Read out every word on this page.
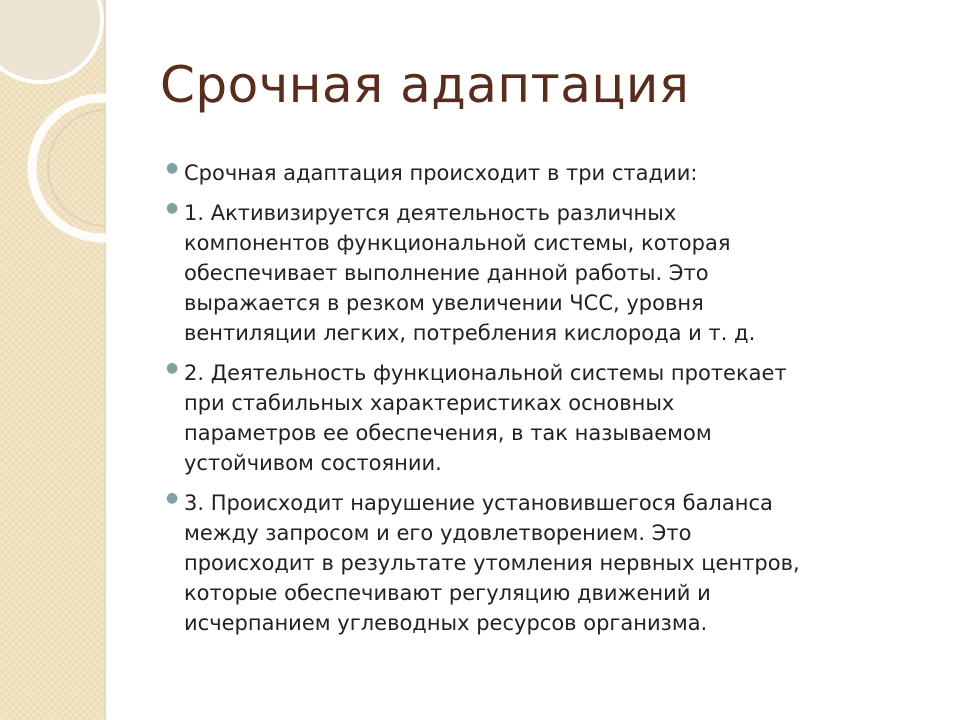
Срочная адаптация
● Срочная адаптация происходит в три стадии:
● 1. Активизируется деятельность различных
компонентов функциональной системы, которая
обеспечивает выполнение данной работы. Это
выражается в резком увеличении ЧСС, уровня
вентиляции легких, потребления кислорода и т. д.
● 2. Деятельность функциональной системы протекает
при стабильных характеристиках основных
параметров ее обеспечения, в так называемом
устойчивом состоянии.
● 3. Происходит нарушение установившегося баланса
между запросом и его удовлетворением. Это
происходит в результате утомления нервных центров,
которые обеспечивают регуляцию движений и
исчерпанием углеводных ресурсов организма.
